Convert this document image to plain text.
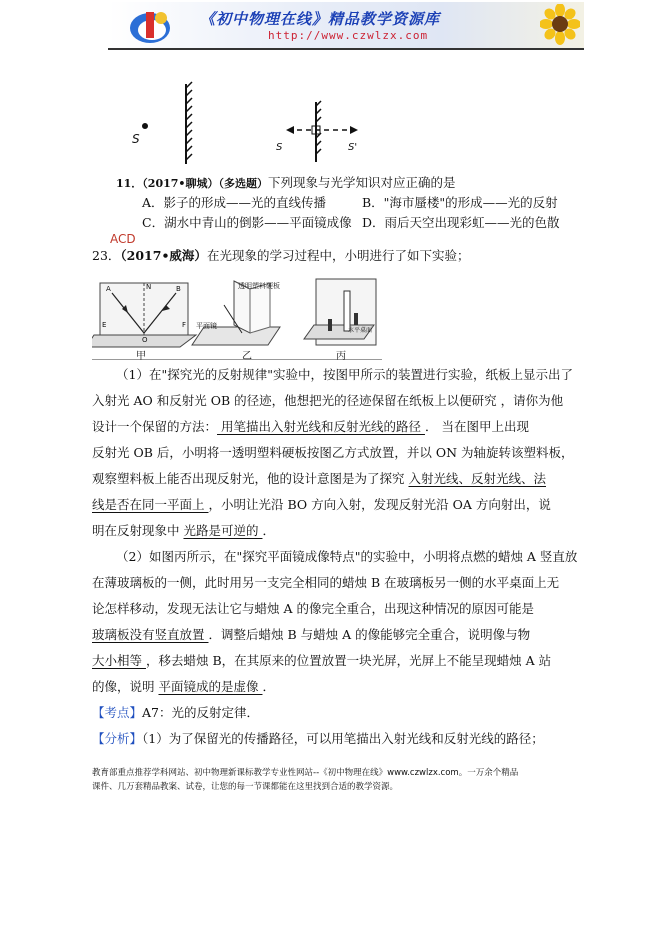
《初中物理在线》精品教学资源库
http://www.czwlzx.com
S
S	S'
11．（2017•聊城）（多选题）下列现象与光学知识对应正确的是
A．影子的形成——光的直线传播	B．"海市蜃楼"的形成——光的反射
C．湖水中青山的倒影——平面镜成像 D．雨后天空出现彩虹——光的色散
ACD
23．（2017•威海）在光现象的学习过程中，小明进行了如下实验；
甲	乙	丙
透明塑料硬板
平面镜
A	B
O
N
E	F
水平桌面
（1）在"探究光的反射规律"实验中，按图甲所示的装置进行实验，纸板上显示出了
入射光 AO 和反射光 OB 的径迹，他想把光的径迹保留在纸板上以便研究 ，请你为他
设计一个保留的方法： 用笔描出入射光线和反射光线的路径 ． 当在图甲上出现
反射光 OB 后，小明将一透明塑料硬板按图乙方式放置，并以 ON 为轴旋转该塑料板，
观察塑料板上能否出现反射光，他的设计意图是为了探究 入射光线、反射光线、法
线是否在同一平面上 ，小明让光沿 BO 方向入射，发现反射光沿 OA 方向射出，说
明在反射现象中 光路是可逆的 ．
（2）如图丙所示，在"探究平面镜成像特点"的实验中，小明将点燃的蜡烛 A 竖直放
在薄玻璃板的一侧，此时用另一支完全相同的蜡烛 B 在玻璃板另一侧的水平桌面上无
论怎样移动，发现无法让它与蜡烛 A 的像完全重合，出现这种情况的原因可能是
玻璃板没有竖直放置 ．调整后蜡烛 B 与蜡烛 A 的像能够完全重合，说明像与物
大小相等 ，移去蜡烛 B，在其原来的位置放置一块光屏，光屏上不能呈现蜡烛 A 站
的像，说明 平面镜成的是虚像 ．
【考点】A7：光的反射定律．
【分析】（1）为了保留光的传播路径，可以用笔描出入射光线和反射光线的路径；
教育部重点推荐学科网站、初中物理新课标教学专业性网站--《初中物理在线》www.czwlzx.com。一万余个精品
课件、几万套精品教案、试卷，让您的每一节课都能在这里找到合适的教学资源。
